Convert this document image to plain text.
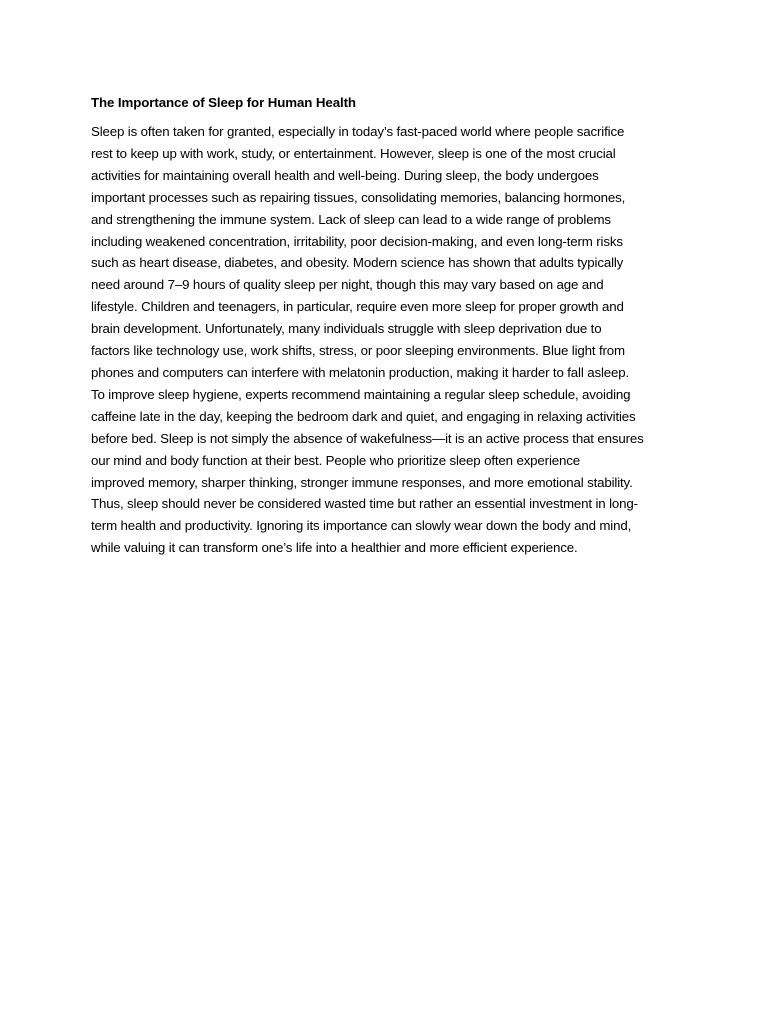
The Importance of Sleep for Human Health

Sleep is often taken for granted, especially in today’s fast-paced world where people sacrifice
rest to keep up with work, study, or entertainment. However, sleep is one of the most crucial
activities for maintaining overall health and well-being. During sleep, the body undergoes
important processes such as repairing tissues, consolidating memories, balancing hormones,
and strengthening the immune system. Lack of sleep can lead to a wide range of problems
including weakened concentration, irritability, poor decision-making, and even long-term risks
such as heart disease, diabetes, and obesity. Modern science has shown that adults typically
need around 7–9 hours of quality sleep per night, though this may vary based on age and
lifestyle. Children and teenagers, in particular, require even more sleep for proper growth and
brain development. Unfortunately, many individuals struggle with sleep deprivation due to
factors like technology use, work shifts, stress, or poor sleeping environments. Blue light from
phones and computers can interfere with melatonin production, making it harder to fall asleep.
To improve sleep hygiene, experts recommend maintaining a regular sleep schedule, avoiding
caffeine late in the day, keeping the bedroom dark and quiet, and engaging in relaxing activities
before bed. Sleep is not simply the absence of wakefulness—it is an active process that ensures
our mind and body function at their best. People who prioritize sleep often experience
improved memory, sharper thinking, stronger immune responses, and more emotional stability.
Thus, sleep should never be considered wasted time but rather an essential investment in long-
term health and productivity. Ignoring its importance can slowly wear down the body and mind,
while valuing it can transform one’s life into a healthier and more efficient experience.
